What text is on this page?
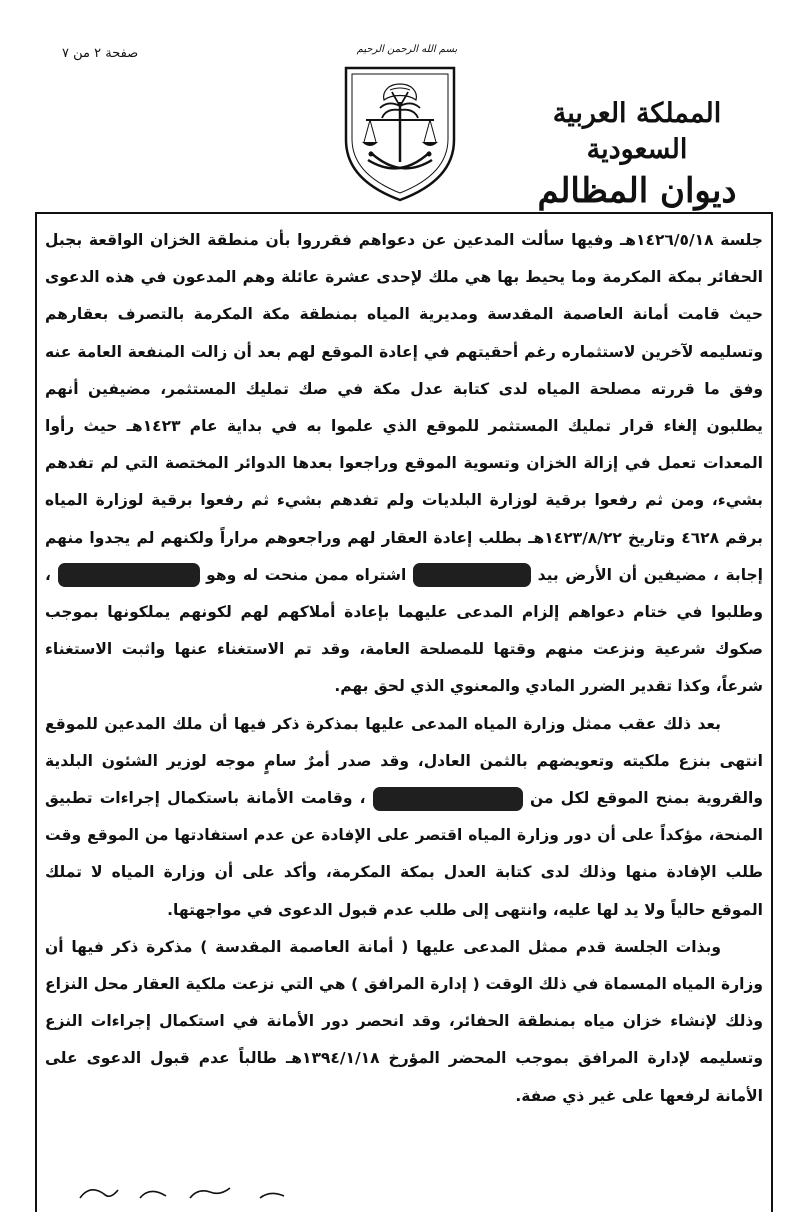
صفحة ٢ من ٧	بسم الله الرحمن الرحيم
المملكة العربية السعودية
ديوان المظالم

جلسة ١٤٢٦/٥/١٨هـ وفيها سألت المدعين عن دعواهم فقرروا بأن منطقة الخزان الواقعة بجبل الحفائر بمكة المكرمة وما يحيط بها هي ملك لإحدى عشرة عائلة وهم المدعون في هذه الدعوى حيث قامت أمانة العاصمة المقدسة ومديرية المياه بمنطقة مكة المكرمة بالتصرف بعقارهم وتسليمه لآخرين لاستثماره رغم أحقيتهم في إعادة الموقع لهم بعد أن زالت المنفعة العامة عنه وفق ما قررته مصلحة المياه لدى كتابة عدل مكة في صك تمليك المستثمر، مضيفين أنهم يطلبون إلغاء قرار تمليك المستثمر للموقع الذي علموا به في بداية عام ١٤٢٣هـ حيث رأوا المعدات تعمل في إزالة الخزان وتسوية الموقع وراجعوا بعدها الدوائر المختصة التي لم تفدهم بشيء، ومن ثم رفعوا برقية لوزارة البلديات ولم تفدهم بشيء ثم رفعوا برقية لوزارة المياه برقم ٤٦٢٨ وتاريخ ١٤٢٣/٨/٢٢هـ بطلب إعادة العقار لهم وراجعوهم مراراً ولكنهم لم يجدوا منهم إجابة ، مضيفين أن الأرض بيد  اشتراه ممن منحت له وهو  ، وطلبوا في ختام دعواهم إلزام المدعى عليهما بإعادة أملاكهم لهم لكونهم يملكونها بموجب صكوك شرعية ونزعت منهم وقتها للمصلحة العامة، وقد تم الاستغناء عنها واثبت الاستغناء شرعاً، وكذا تقدير الضرر المادي والمعنوي الذي لحق بهم.

بعد ذلك عقب ممثل وزارة المياه المدعى عليها بمذكرة ذكر فيها أن ملك المدعين للموقع انتهى بنزع ملكيته وتعويضهم بالثمن العادل، وقد صدر أمرٌ سامٍ موجه لوزير الشئون البلدية والقروية بمنح الموقع لكل من  ، وقامت الأمانة باستكمال إجراءات تطبيق المنحة، مؤكداً على أن دور وزارة المياه اقتصر على الإفادة عن عدم استفادتها من الموقع وقت طلب الإفادة منها وذلك لدى كتابة العدل بمكة المكرمة، وأكد على أن وزارة المياه لا تملك الموقع حالياً ولا يد لها عليه، وانتهى إلى طلب عدم قبول الدعوى في مواجهتها.

وبذات الجلسة قدم ممثل المدعى عليها ( أمانة العاصمة المقدسة ) مذكرة ذكر فيها أن وزارة المياه المسماة في ذلك الوقت ( إدارة المرافق ) هي التي نزعت ملكية العقار محل النزاع وذلك لإنشاء خزان مياه بمنطقة الحفائر، وقد انحصر دور الأمانة في استكمال إجراءات النزع وتسليمه لإدارة المرافق بموجب المحضر المؤرخ ١٣٩٤/١/١٨هـ طالباً عدم قبول الدعوى على الأمانة لرفعها على غير ذي صفة.
